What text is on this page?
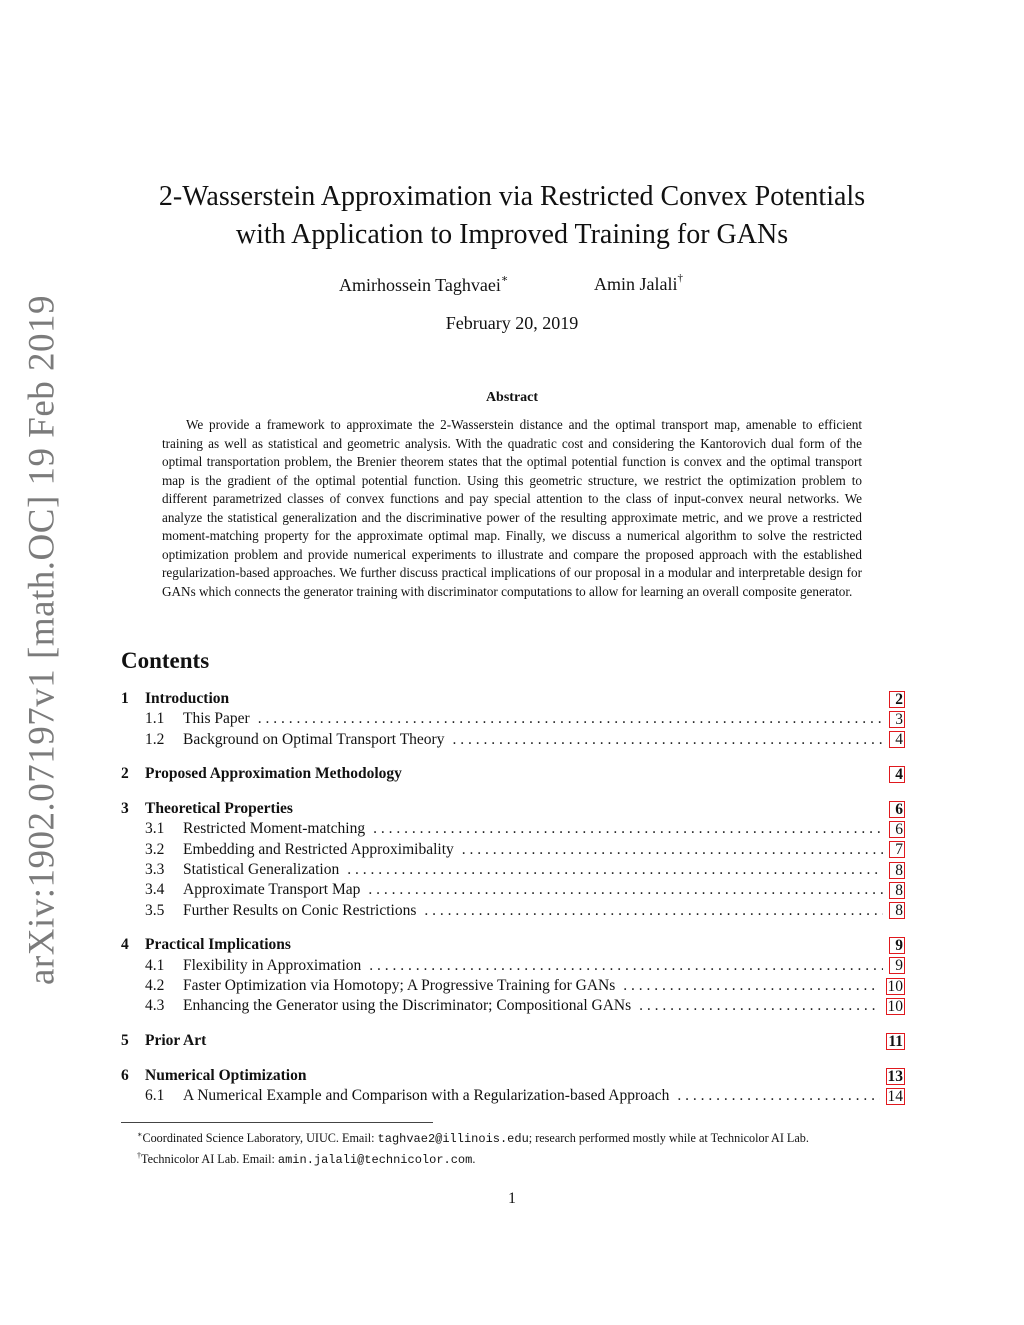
arXiv:1902.07197v1 [math.OC] 19 Feb 2019
2-Wasserstein Approximation via Restricted Convex Potentials
with Application to Improved Training for GANs
Amirhossein Taghvaei∗	Amin Jalali†
February 20, 2019
Abstract
We provide a framework to approximate the 2-Wasserstein distance and the optimal transport map, amenable to efficient training as well as statistical and geometric analysis. With the quadratic cost and considering the Kantorovich dual form of the optimal transportation problem, the Brenier theorem states that the optimal potential function is convex and the optimal transport map is the gradient of the optimal potential function. Using this geometric structure, we restrict the optimization problem to different parametrized classes of convex functions and pay special attention to the class of input-convex neural networks. We analyze the statistical generalization and the discriminative power of the resulting approximate metric, and we prove a restricted moment-matching property for the approximate optimal map. Finally, we discuss a numerical algorithm to solve the restricted optimization problem and provide numerical experiments to illustrate and compare the proposed approach with the established regularization-based approaches. We further discuss practical implications of our proposal in a modular and interpretable design for GANs which connects the generator training with discriminator computations to allow for learning an overall composite generator.
Contents
1	Introduction	2
1.1	This Paper . . .	3
1.2	Background on Optimal Transport Theory . . .	4
2	Proposed Approximation Methodology	4
3	Theoretical Properties	6
3.1	Restricted Moment-matching . . .	6
3.2	Embedding and Restricted Approximibality . . .	7
3.3	Statistical Generalization . . .	8
3.4	Approximate Transport Map . . .	8
3.5	Further Results on Conic Restrictions . . .	8
4	Practical Implications	9
4.1	Flexibility in Approximation . . .	9
4.2	Faster Optimization via Homotopy; A Progressive Training for GANs . . .	10
4.3	Enhancing the Generator using the Discriminator; Compositional GANs . . .	10
5	Prior Art	11
6	Numerical Optimization	13
6.1	A Numerical Example and Comparison with a Regularization-based Approach . . .	14
∗Coordinated Science Laboratory, UIUC. Email: taghvae2@illinois.edu; research performed mostly while at Technicolor AI Lab.
†Technicolor AI Lab. Email: amin.jalali@technicolor.com.
1
